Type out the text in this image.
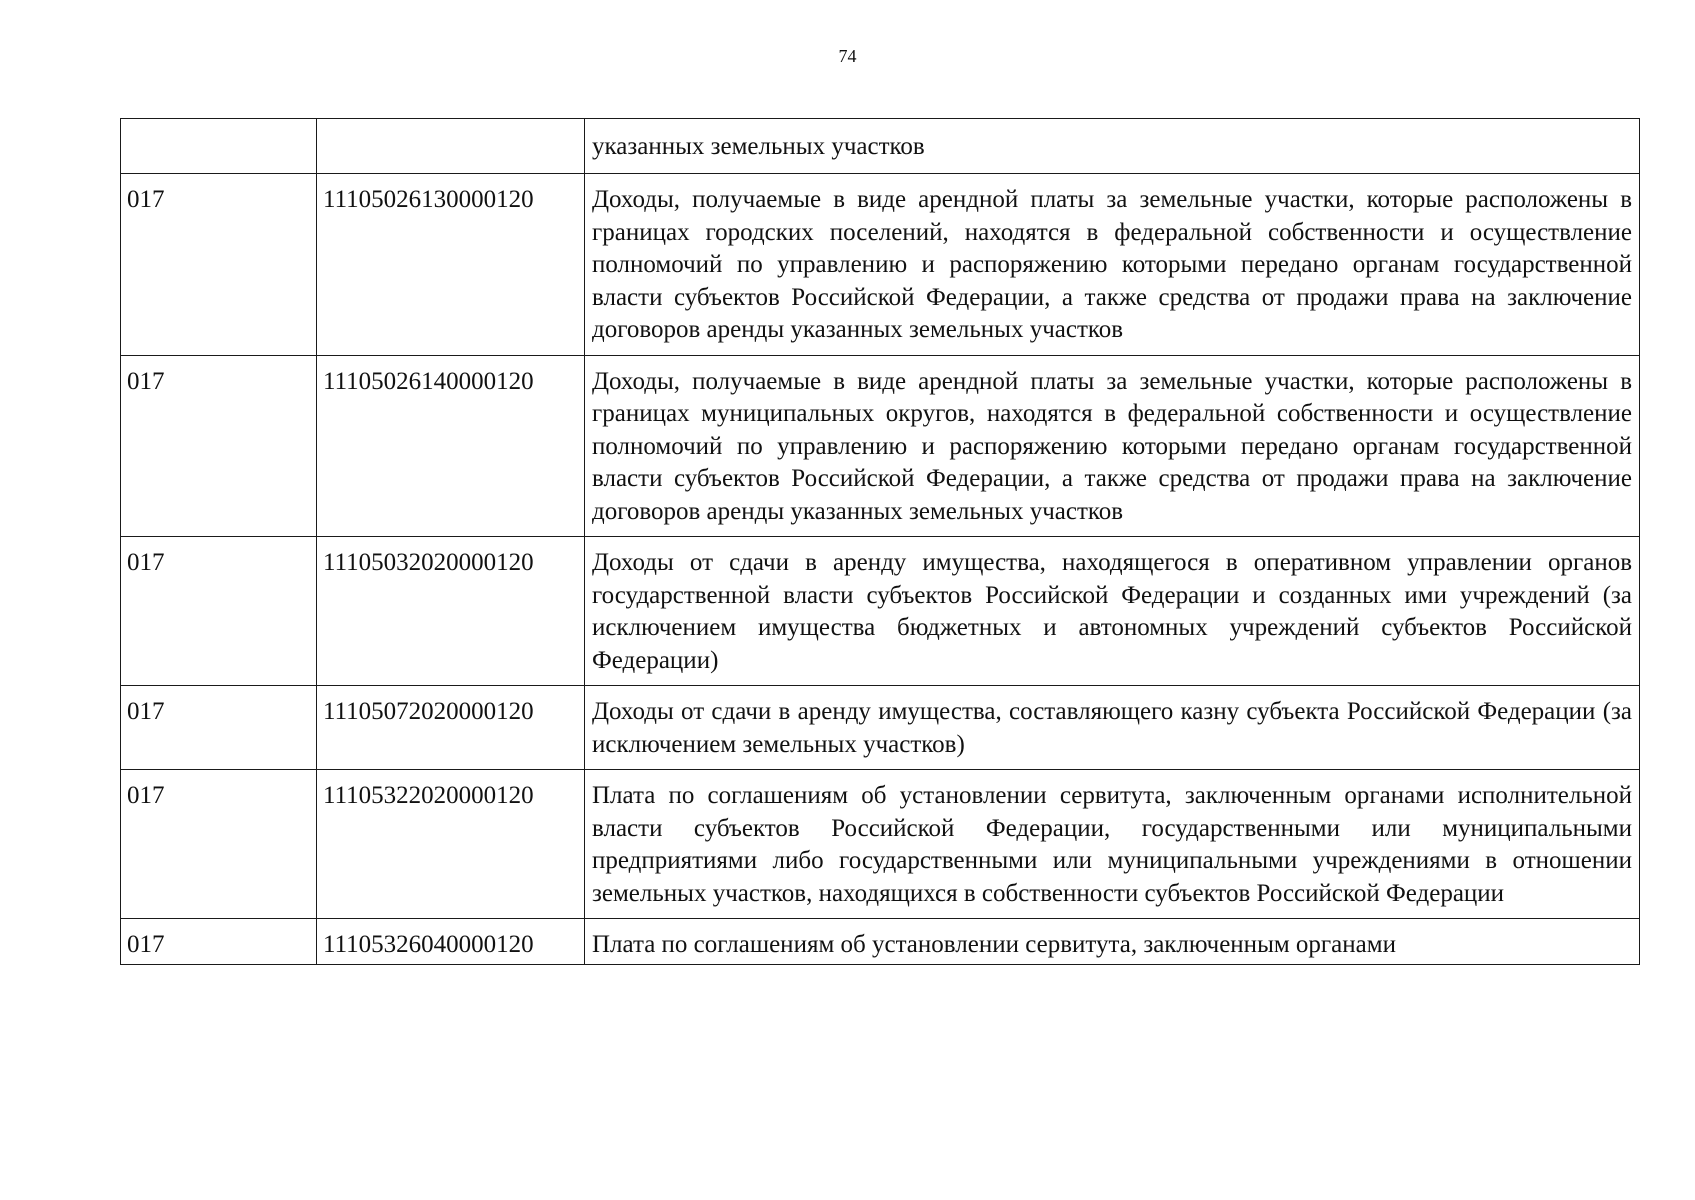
74
		указанных земельных участков
017	11105026130000120	Доходы, получаемые в виде арендной платы за земельные участки, которые расположены в границах городских поселений, находятся в федеральной собственности и осуществление полномочий по управлению и распоряжению которыми передано органам государственной власти субъектов Российской Федерации, а также средства от продажи права на заключение договоров аренды указанных земельных участков
017	11105026140000120	Доходы, получаемые в виде арендной платы за земельные участки, которые расположены в границах муниципальных округов, находятся в федеральной собственности и осуществление полномочий по управлению и распоряжению которыми передано органам государственной власти субъектов Российской Федерации, а также средства от продажи права на заключение договоров аренды указанных земельных участков
017	11105032020000120	Доходы от сдачи в аренду имущества, находящегося в оперативном управлении органов государственной власти субъектов Российской Федерации и созданных ими учреждений (за исключением имущества бюджетных и автономных учреждений субъектов Российской Федерации)
017	11105072020000120	Доходы от сдачи в аренду имущества, составляющего казну субъекта Российской Федерации (за исключением земельных участков)
017	11105322020000120	Плата по соглашениям об установлении сервитута, заключенным органами исполнительной власти субъектов Российской Федерации, государственными или муниципальными предприятиями либо государственными или муниципальными учреждениями в отношении земельных участков, находящихся в собственности субъектов Российской Федерации
017	11105326040000120	Плата по соглашениям об установлении сервитута, заключенным органами
